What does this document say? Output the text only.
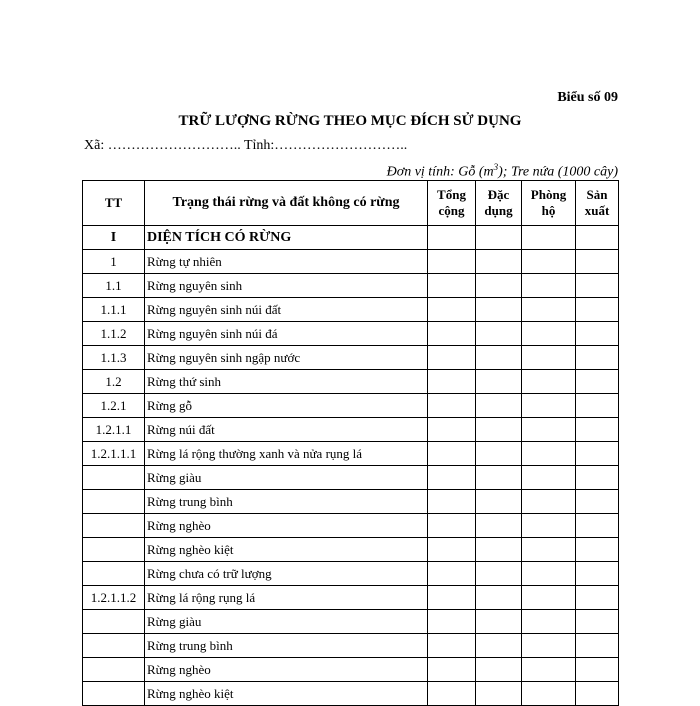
Biểu số 09
TRỮ LƯỢNG RỪNG THEO MỤC ĐÍCH SỬ DỤNG
Xã: ……………………….. Tỉnh:………………………..
Đơn vị tính: Gỗ $(m^3)$; Tre nứa (1000 cây)
TT	Trạng thái rừng và đất không có rừng	Tổng cộng	Đặc dụng	Phòng hộ	Sản xuất
I	DIỆN TÍCH CÓ RỪNG				
1	Rừng tự nhiên				
1.1	Rừng nguyên sinh				
1.1.1	Rừng nguyên sinh núi đất				
1.1.2	Rừng nguyên sinh núi đá				
1.1.3	Rừng nguyên sinh ngập nước				
1.2	Rừng thứ sinh				
1.2.1	Rừng gỗ				
1.2.1.1	Rừng núi đất				
1.2.1.1.1	Rừng lá rộng thường xanh và nửa rụng lá				
	Rừng giàu				
	Rừng trung bình				
	Rừng nghèo				
	Rừng nghèo kiệt				
	Rừng chưa có trữ lượng				
1.2.1.1.2	Rừng lá rộng rụng lá				
	Rừng giàu				
	Rừng trung bình				
	Rừng nghèo				
	Rừng nghèo kiệt				
